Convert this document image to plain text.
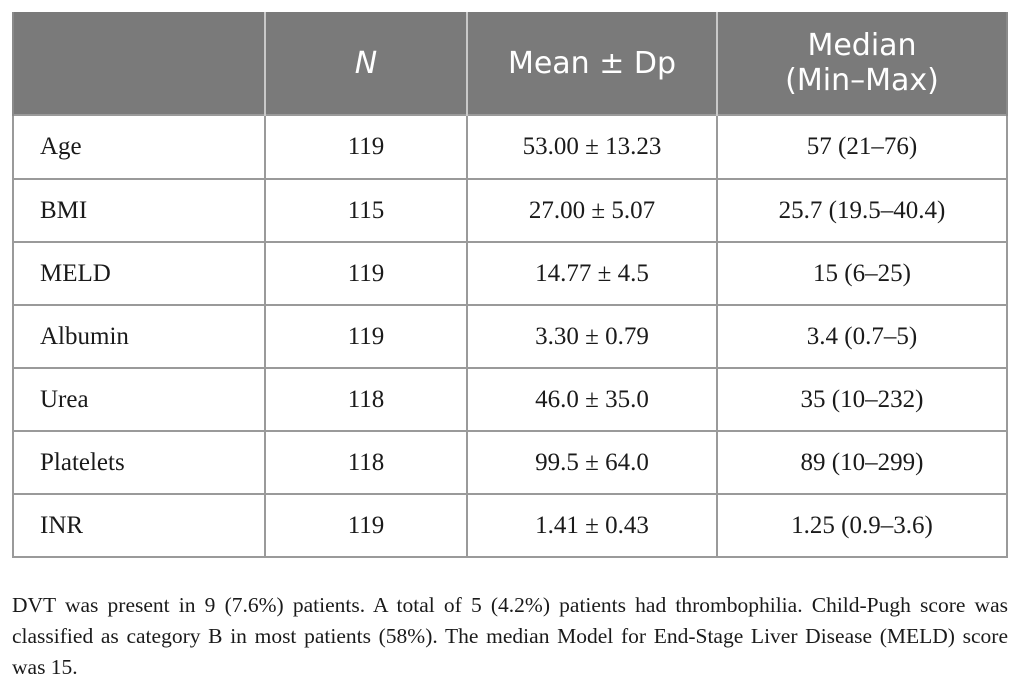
	N	Mean ± Dp	Median
(Min–Max)
Age	119	53.00 ± 13.23	57 (21–76)
BMI	115	27.00 ± 5.07	25.7 (19.5–40.4)
MELD	119	14.77 ± 4.5	15 (6–25)
Albumin	119	3.30 ± 0.79	3.4 (0.7–5)
Urea	118	46.0 ± 35.0	35 (10–232)
Platelets	118	99.5 ± 64.0	89 (10–299)
INR	119	1.41 ± 0.43	1.25 (0.9–3.6)

DVT was present in 9 (7.6%) patients. A total of 5 (4.2%) patients had thrombophilia. Child-Pugh score was classified as category B in most patients (58%). The median Model for End-Stage Liver Disease (MELD) score was 15.
